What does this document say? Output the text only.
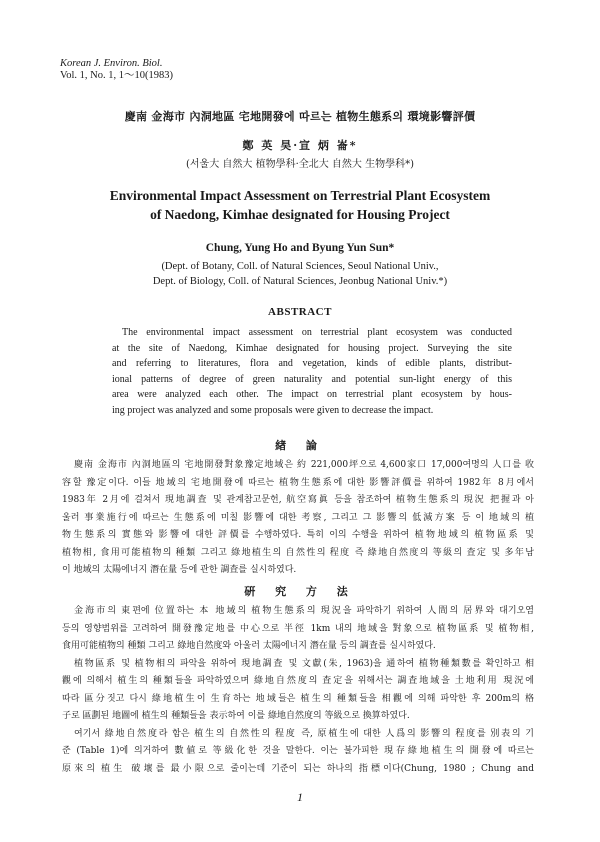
Korean J. Environ. Biol.
Vol. 1, No. 1, 1～10(1983)
慶南 金海市 內洞地區 宅地開發에 따르는 植物生態系의 環境影響評價
鄭 英 昊·宣 炳 崙*
(서울大 自然大 植物學科·全北大 自然大 生物學科*)
Environmental Impact Assessment on Terrestrial Plant Ecosystem
of Naedong, Kimhae designated for Housing Project
Chung, Yung Ho and Byung Yun Sun*
(Dept. of Botany, Coll. of Natural Sciences, Seoul National Univ.,
Dept. of Biology, Coll. of Natural Sciences, Jeonbug National Univ.*)
ABSTRACT
The environmental impact assessment on terrestrial plant ecosystem was conducted
at the site of Naedong, Kimhae designated for housing project. Surveying the site
and referring to literatures, flora and vegetation, kinds of edible plants, distribut-
ional patterns of degree of green naturality and potential sun-light energy of this
area were analyzed each other. The impact on terrestrial plant ecosystem by hous-
ing project was analyzed and some proposals were given to decrease the impact.
緖 論
慶南 金海市 內洞地區의 宅地開發對象豫定地域은 約 221,000坪으로 4,600家口 17,000여명의 人口를 收
容할 豫定이다. 이들 地域의 宅地開發에 따르는 植物生態系에 대한 影響評價를 위하여 1982年 8月에서
1983年 2月에 걸쳐서 現地調査 및 관계참고문헌, 航空寫眞 등을 참조하여 植物生態系의 現況 把握과 아
울러 事業施行에 따르는 生態系에 미칠 影響에 대한 考察, 그리고 그 影響의 低減方案 등 이 地域의 植
物生態系의 實態와 影響에 대한 評價를 수행하였다. 특히 이의 수행을 위하여 植物地域의 植物區系 및
植物相, 食用可能植物의 種類 그리고 綠地植生의 自然性의 程度 즉 綠地自然度의 等級의 査定 및 多年남
이 地域의 太陽에너지 潛在量 등에 관한 調査를 실시하였다.
硏 究 方 法
金海市의 東편에 位置하는 本 地域의 植物生態系의 現況을 파악하기 위하여 人間의 居界와 대기오염
등의 영향범위를 고려하여 開發豫定地를 中心으로 半徑 1km 내의 地域을 對象으로 植物區系 및 植物相,
食用可能植物의 種類 그리고 綠地自然度와 아울러 太陽에너지 潛在量 등의 調査를 실시하였다.
植物區系 및 植物相의 파악을 위하여 現地調査 및 文獻(朱, 1963)을 通하여 植物種類數를 확인하고 相
觀에 의해서 植生의 種類들을 파악하였으며 綠地自然度의 査定을 위해서는 調査地域을 土地利用 現況에
따라 區分짓고 다시 綠地植生이 生育하는 地域들은 植生의 種類들을 相觀에 의해 파악한 후 200m의 格
子로 區劃된 地圖에 植生의 種類들을 表示하여 이를 綠地自然度의 等級으로 換算하였다.
여기서 綠地自然度라 함은 植生의 自然性의 程度 즉, 原植生에 대한 人爲의 影響의 程度를 別表의 기
준 (Table 1)에 의거하여 數値로 等級化한 것을 말한다. 이는 불가피한 現存綠地植生의 開發에 따르는
原來의 植生 破壞를 最小限으로 줄이는데 기준이 되는 하나의 指標이다(Chung, 1980 ; Chung and
1
